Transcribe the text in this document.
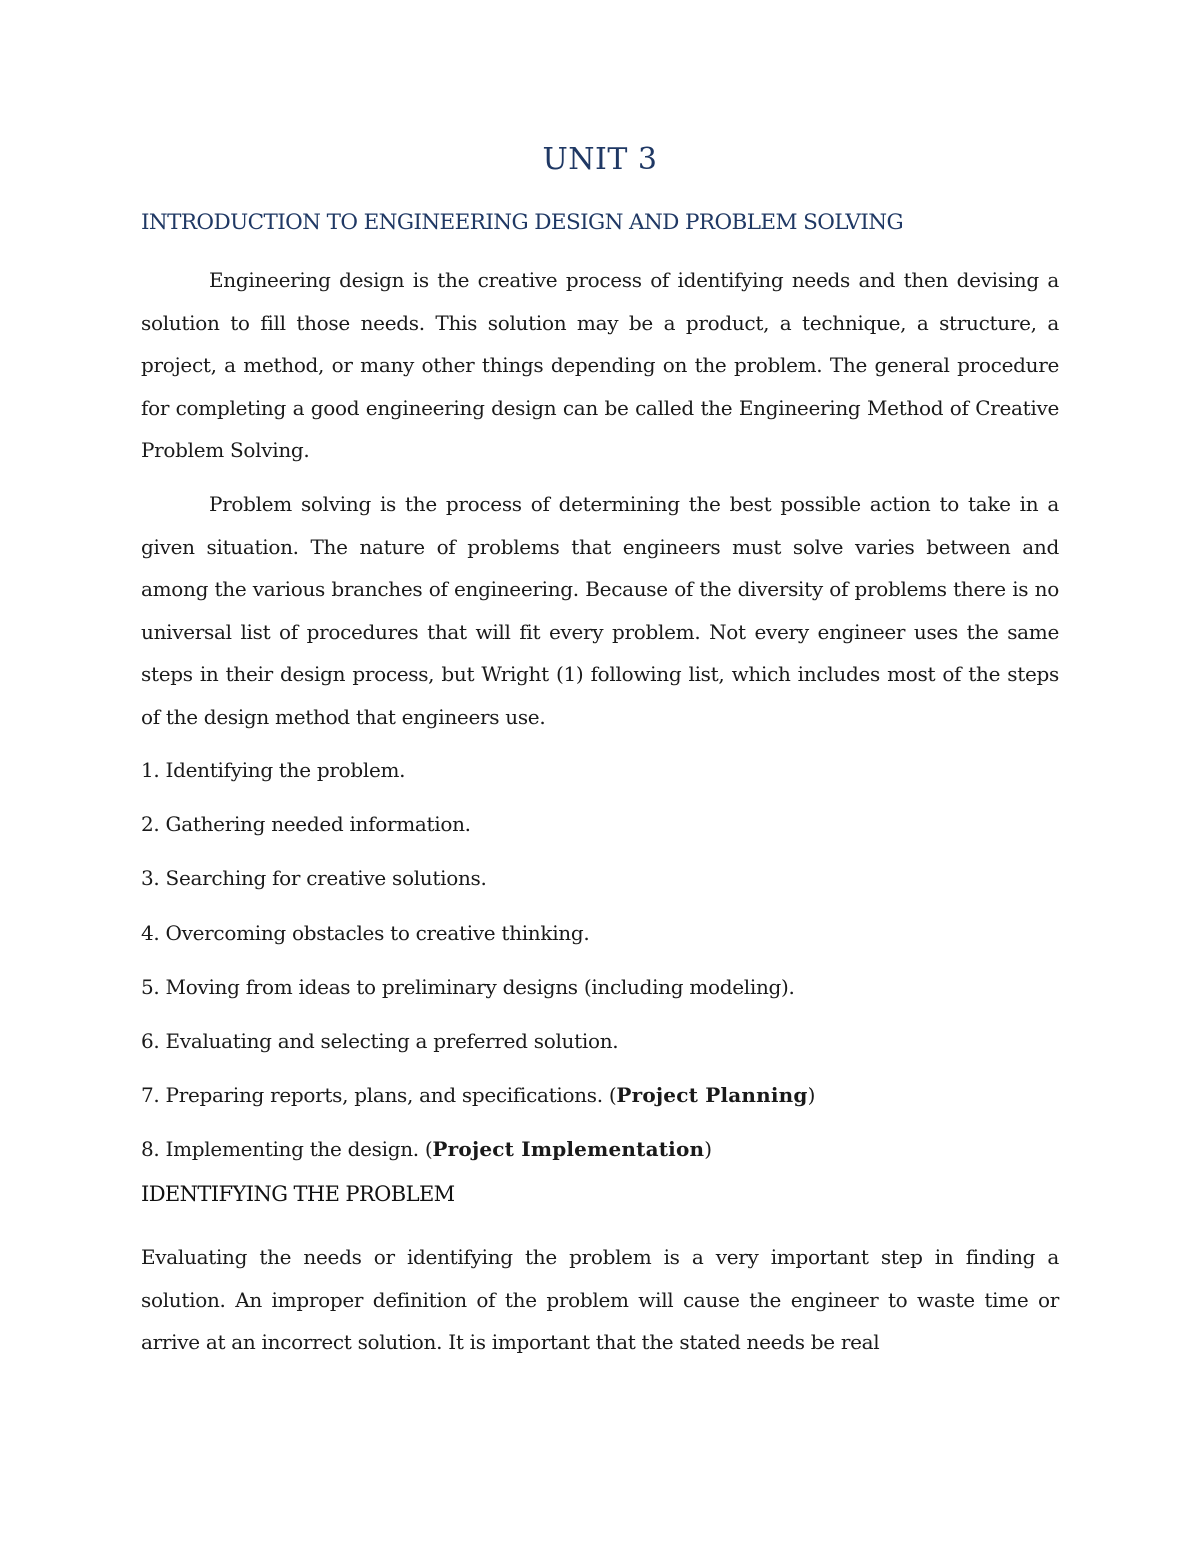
UNIT 3
INTRODUCTION TO ENGINEERING DESIGN AND PROBLEM SOLVING

Engineering design is the creative process of identifying needs and then devising a solution to fill those needs. This solution may be a product, a technique, a structure, a project, a method, or many other things depending on the problem. The general procedure for completing a good engineering design can be called the Engineering Method of Creative Problem Solving.

Problem solving is the process of determining the best possible action to take in a given situation. The nature of problems that engineers must solve varies between and among the various branches of engineering. Because of the diversity of problems there is no universal list of procedures that will fit every problem. Not every engineer uses the same steps in their design process, but Wright (1) following list, which includes most of the steps of the design method that engineers use.

1. Identifying the problem.
2. Gathering needed information.
3. Searching for creative solutions.
4. Overcoming obstacles to creative thinking.
5. Moving from ideas to preliminary designs (including modeling).
6. Evaluating and selecting a preferred solution.
7. Preparing reports, plans, and specifications. (Project Planning)
8. Implementing the design. (Project Implementation)
IDENTIFYING THE PROBLEM

Evaluating the needs or identifying the problem is a very important step in finding a solution. An improper definition of the problem will cause the engineer to waste time or arrive at an incorrect solution. It is important that the stated needs be real
